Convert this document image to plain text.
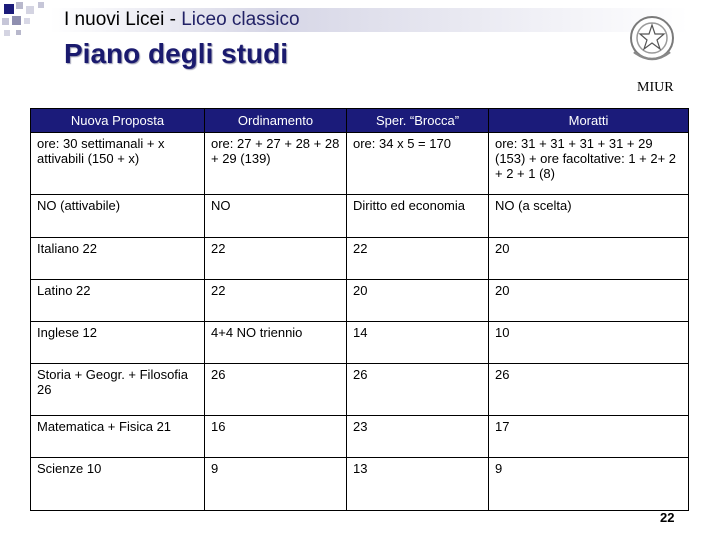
I nuovi Licei - Liceo classico
Piano degli studi
MIUR
Nuova Proposta	Ordinamento	Sper. “Brocca”	Moratti
ore: 30 settimanali + x attivabili (150 + x)	ore: 27 + 27 + 28 + 28 + 29 (139)	ore: 34 x 5 = 170	ore: 31 + 31 + 31 + 31 + 29 (153) + ore facoltative: 1 + 2+ 2 + 2 + 1 (8)
NO (attivabile)	NO	Diritto ed economia	NO (a scelta)
Italiano 22	22	22	20
Latino 22	22	20	20
Inglese 12	4+4 NO triennio	14	10
Storia + Geogr. + Filosofia 26	26	26	26
Matematica + Fisica 21	16	23	17
Scienze 10	9	13	9
22
